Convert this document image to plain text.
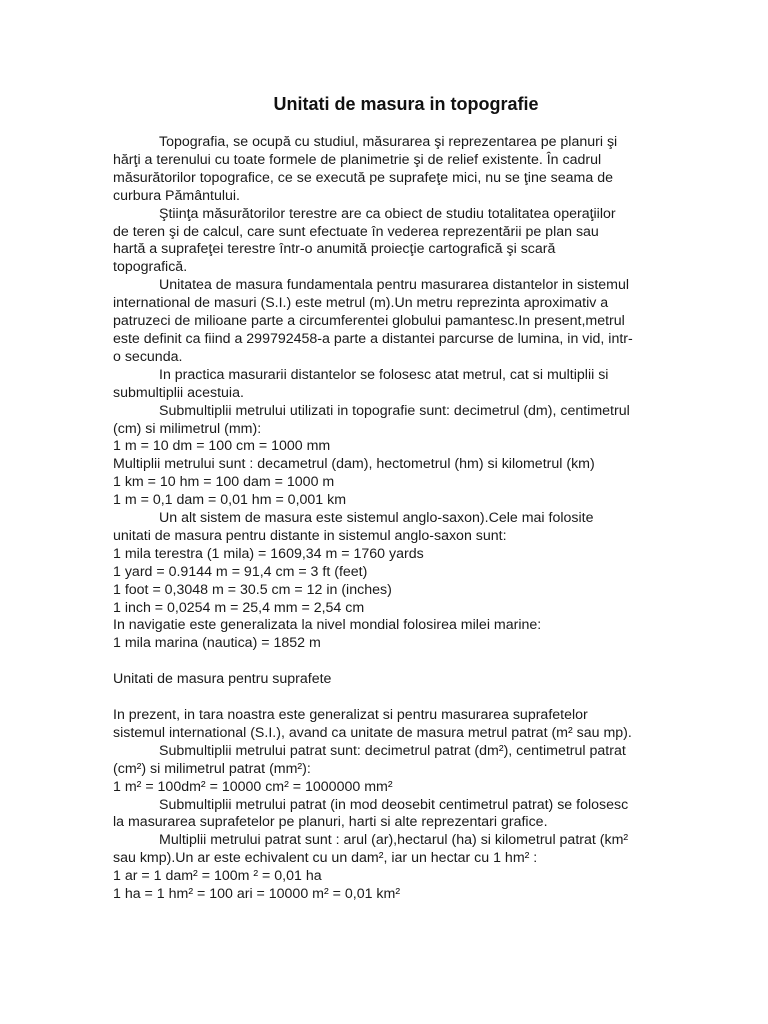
Unitati de masura in topografie

Topografia, se ocupă cu studiul, măsurarea şi reprezentarea pe planuri şi hărţi a terenului cu toate formele de planimetrie şi de relief existente. În cadrul măsurătorilor topografice, ce se execută pe suprafeţe mici, nu se ţine seama de curbura Pământului.

Ştiinţa măsurătorilor terestre are ca obiect de studiu totalitatea operaţiilor de teren şi de calcul, care sunt efectuate în vederea reprezentării pe plan sau hartă a suprafeţei terestre într-o anumită proiecţie cartografică şi scară topografică.

Unitatea de masura fundamentala pentru masurarea distantelor in sistemul international de masuri (S.I.) este metrul (m).Un metru reprezinta aproximativ a patruzeci de milioane parte a circumferentei globului pamantesc.In present,metrul este definit ca fiind a 299792458-a parte a distantei parcurse de lumina, in vid, intr-o secunda.

In practica masurarii distantelor se folosesc atat metrul, cat si multiplii si submultiplii acestuia.

Submultiplii metrului utilizati in topografie sunt: decimetrul (dm), centimetrul (cm) si milimetrul (mm):

1 m = 10 dm = 100 cm = 1000 mm

Multiplii metrului sunt : decametrul (dam), hectometrul (hm) si kilometrul (km)

1 km = 10 hm = 100 dam = 1000 m

1 m = 0,1 dam = 0,01 hm = 0,001 km

Un alt sistem de masura este sistemul anglo-saxon).Cele mai folosite unitati de masura pentru distante in sistemul anglo-saxon sunt:

1 mila terestra (1 mila) = 1609,34 m = 1760 yards

1 yard = 0.9144 m = 91,4 cm = 3 ft (feet)

1 foot = 0,3048 m = 30.5 cm = 12 in (inches)

1 inch = 0,0254 m = 25,4 mm = 2,54 cm

In navigatie este generalizata la nivel mondial folosirea milei marine:

1 mila marina (nautica) = 1852 m

Unitati de masura pentru suprafete

In prezent, in tara noastra este generalizat si pentru masurarea suprafetelor sistemul international (S.I.), avand ca unitate de masura metrul patrat (m² sau mp).

Submultiplii metrului patrat sunt: decimetrul patrat (dm²), centimetrul patrat (cm²) si milimetrul patrat (mm²):

1 m² = 100dm² = 10000 cm² = 1000000 mm²

Submultiplii metrului patrat (in mod deosebit centimetrul patrat) se folosesc la masurarea suprafetelor pe planuri, harti si alte reprezentari grafice.

Multiplii metrului patrat sunt : arul (ar),hectarul (ha) si kilometrul patrat (km² sau kmp).Un ar este echivalent cu un dam², iar un hectar cu 1 hm² :

1 ar = 1 dam² = 100m ² = 0,01 ha

1 ha = 1 hm² = 100 ari = 10000 m² = 0,01 km²
